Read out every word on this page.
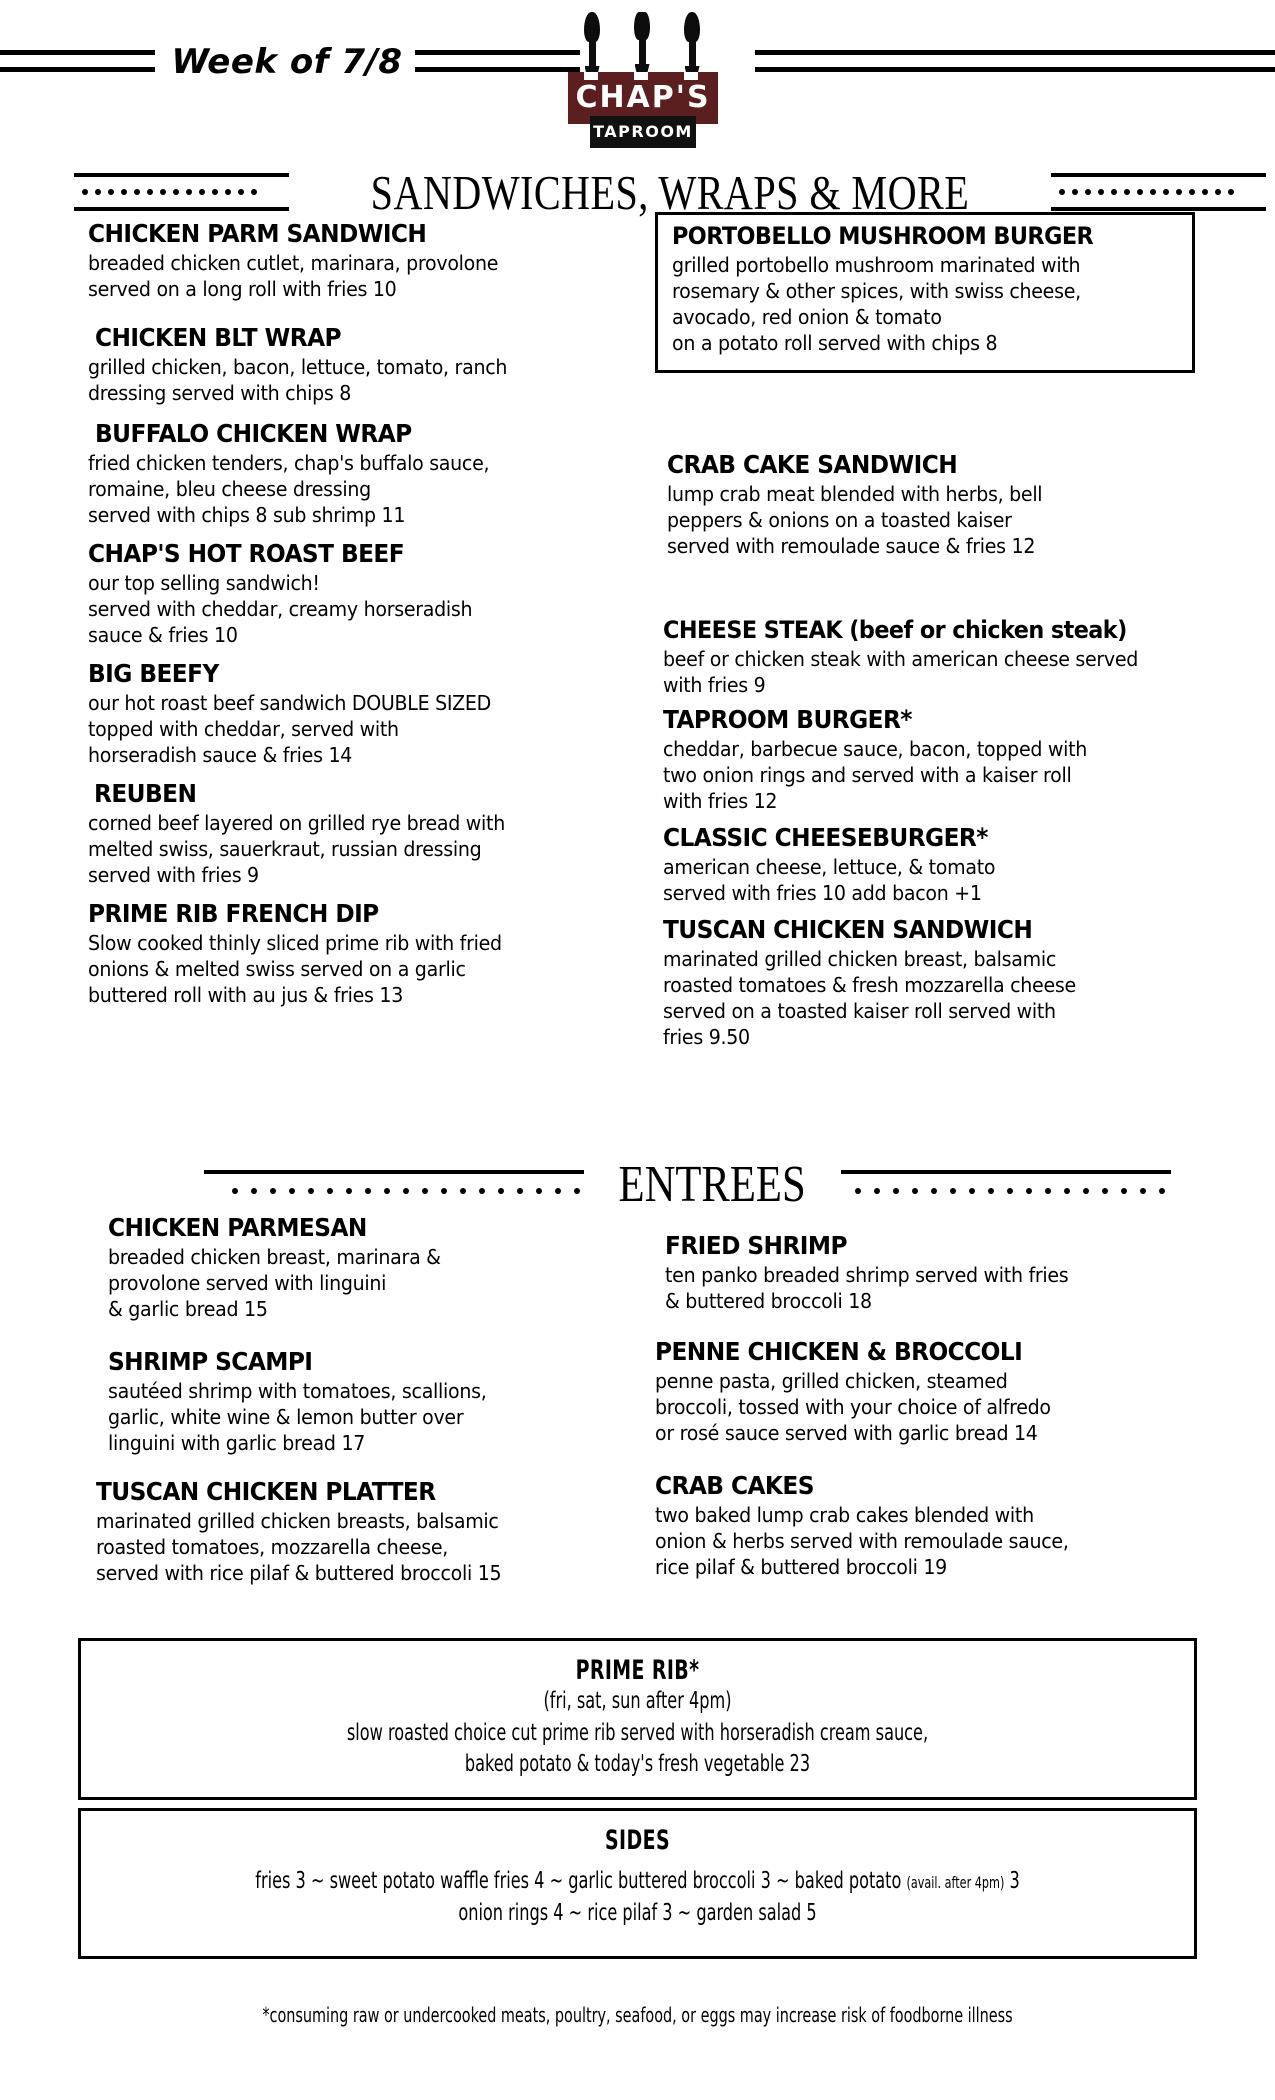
Week of 7/8
CHAP'S
TAPROOM
SANDWICHES, WRAPS & MORE
CHICKEN PARM SANDWICH
breaded chicken cutlet, marinara, provolone
served on a long roll with fries 10
CHICKEN BLT WRAP
grilled chicken, bacon, lettuce, tomato, ranch
dressing served with chips 8
BUFFALO CHICKEN WRAP
fried chicken tenders, chap's buffalo sauce,
romaine, bleu cheese dressing
served with chips 8 sub shrimp 11
CHAP'S HOT ROAST BEEF
our top selling sandwich!
served with cheddar, creamy horseradish
sauce & fries 10
BIG BEEFY
our hot roast beef sandwich DOUBLE SIZED
topped with cheddar, served with
horseradish sauce & fries 14
REUBEN
corned beef layered on grilled rye bread with
melted swiss, sauerkraut, russian dressing
served with fries 9
PRIME RIB FRENCH DIP
Slow cooked thinly sliced prime rib with fried
onions & melted swiss served on a garlic
buttered roll with au jus & fries 13
PORTOBELLO MUSHROOM BURGER
grilled portobello mushroom marinated with
rosemary & other spices, with swiss cheese,
avocado, red onion & tomato
on a potato roll served with chips 8
CRAB CAKE SANDWICH
lump crab meat blended with herbs, bell
peppers & onions on a toasted kaiser
served with remoulade sauce & fries 12
CHEESE STEAK (beef or chicken steak)
beef or chicken steak with american cheese served
with fries 9
TAPROOM BURGER*
cheddar, barbecue sauce, bacon, topped with
two onion rings and served with a kaiser roll
with fries 12
CLASSIC CHEESEBURGER*
american cheese, lettuce, & tomato
served with fries 10 add bacon +1
TUSCAN CHICKEN SANDWICH
marinated grilled chicken breast, balsamic
roasted tomatoes & fresh mozzarella cheese
served on a toasted kaiser roll served with
fries 9.50
ENTREES
CHICKEN PARMESAN
breaded chicken breast, marinara &
provolone served with linguini
& garlic bread 15
SHRIMP SCAMPI
sautéed shrimp with tomatoes, scallions,
garlic, white wine & lemon butter over
linguini with garlic bread 17
TUSCAN CHICKEN PLATTER
marinated grilled chicken breasts, balsamic
roasted tomatoes, mozzarella cheese,
served with rice pilaf & buttered broccoli 15
FRIED SHRIMP
ten panko breaded shrimp served with fries
& buttered broccoli 18
PENNE CHICKEN & BROCCOLI
penne pasta, grilled chicken, steamed
broccoli, tossed with your choice of alfredo
or rosé sauce served with garlic bread 14
CRAB CAKES
two baked lump crab cakes blended with
onion & herbs served with remoulade sauce,
rice pilaf & buttered broccoli 19
PRIME RIB*
(fri, sat, sun after 4pm)
slow roasted choice cut prime rib served with horseradish cream sauce,
baked potato & today's fresh vegetable 23
SIDES
fries 3 ~ sweet potato waffle fries 4 ~ garlic buttered broccoli 3 ~ baked potato (avail. after 4pm) 3
onion rings 4 ~ rice pilaf 3 ~ garden salad 5
*consuming raw or undercooked meats, poultry, seafood, or eggs may increase risk of foodborne illness
